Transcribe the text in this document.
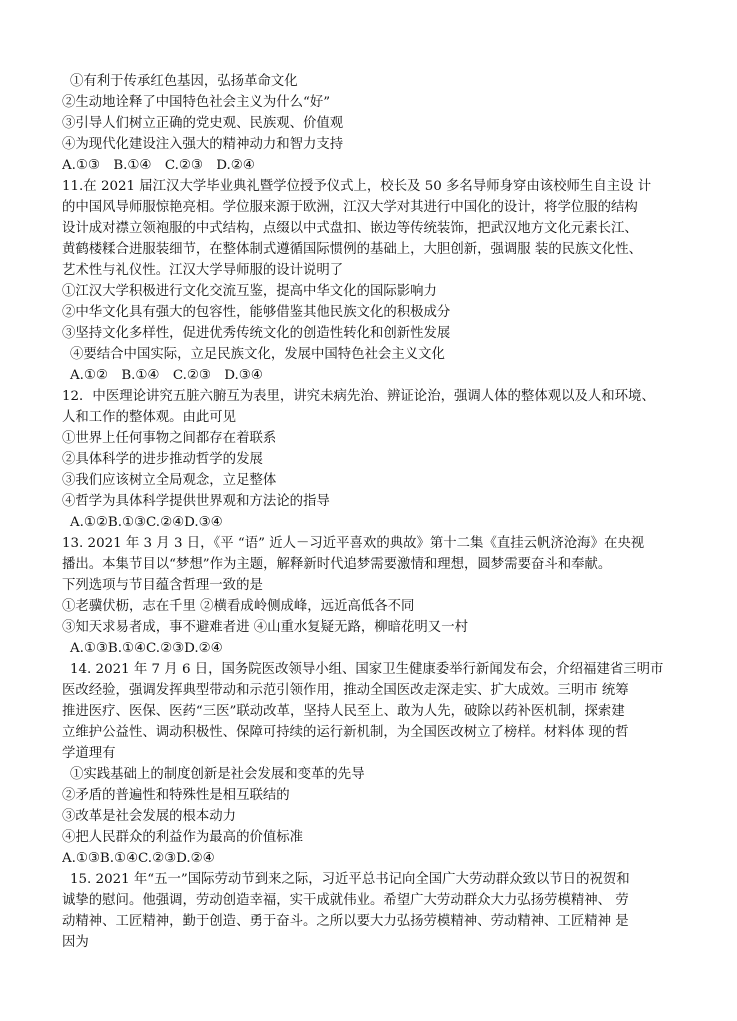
①有利于传承红色基因，弘扬革命文化
②生动地诠释了中国特色社会主义为什么“好”
③引导人们树立正确的党史观、民族观、价值观
④为现代化建设注入强大的精神动力和智力支持
A.①③　B.①④　C.②③　D.②④
11.在 2021 届江汉大学毕业典礼暨学位授予仪式上，校长及 50 多名导师身穿由该校师生自主设 计
的中国风导师服惊艳亮相。学位服来源于欧洲，江汉大学对其进行中国化的设计，将学位服的结构
设计成对襟立领袍服的中式结构，点缀以中式盘扣、嵌边等传统装饰，把武汉地方文化元素长江、
黄鹤楼糅合进服装细节，在整体制式遵循国际惯例的基础上，大胆创新，强调服 装的民族文化性、
艺术性与礼仪性。江汉大学导师服的设计说明了
①江汉大学积极进行文化交流互鉴，提高中华文化的国际影响力
②中华文化具有强大的包容性，能够借鉴其他民族文化的积极成分
③坚持文化多样性，促进优秀传统文化的创造性转化和创新性发展
④要结合中国实际，立足民族文化，发展中国特色社会主义文化
A.①②　B.①④　C.②③　D.③④
12．中医理论讲究五脏六腑互为表里，讲究未病先治、辨证论治，强调人体的整体观以及人和环境、
人和工作的整体观。由此可见
①世界上任何事物之间都存在着联系
②具体科学的进步推动哲学的发展
③我们应该树立全局观念，立足整体
④哲学为具体科学提供世界观和方法论的指导
A.①②B.①③C.②④D.③④
13. 2021 年 3 月 3 日，《平 “语” 近人－习近平喜欢的典故》第十二集《直挂云帆济沧海》在央视
播出。本集节目以“梦想”作为主题，解释新时代追梦需要激情和理想，圆梦需要奋斗和奉献。
下列选项与节目蕴含哲理一致的是
①老骥伏枥，志在千里 ②横看成岭侧成峰，远近高低各不同
③知天求易者成，事不避难者进 ④山重水复疑无路，柳暗花明又一村
A.①③B.①④C.②③D.②④
14. 2021 年 7 月 6 日，国务院医改领导小组、国家卫生健康委举行新闻发布会，介绍福建省三明市
医改经验，强调发挥典型带动和示范引领作用，推动全国医改走深走实、扩大成效。三明市 统筹
推进医疗、医保、医药“三医”联动改革，坚持人民至上、敢为人先，破除以药补医机制，探索建
立维护公益性、调动积极性、保障可持续的运行新机制，为全国医改树立了榜样。材料体 现的哲
学道理有
①实践基础上的制度创新是社会发展和变革的先导
②矛盾的普遍性和特殊性是相互联结的
③改革是社会发展的根本动力
④把人民群众的利益作为最高的价值标准
A.①③B.①④C.②③D.②④
15. 2021 年“五一”国际劳动节到来之际，习近平总书记向全国广大劳动群众致以节日的祝贺和
诚挚的慰问。他强调，劳动创造幸福，实干成就伟业。希望广大劳动群众大力弘扬劳模精神、 劳
动精神、工匠精神，勤于创造、勇于奋斗。之所以要大力弘扬劳模精神、劳动精神、工匠精神 是
因为
